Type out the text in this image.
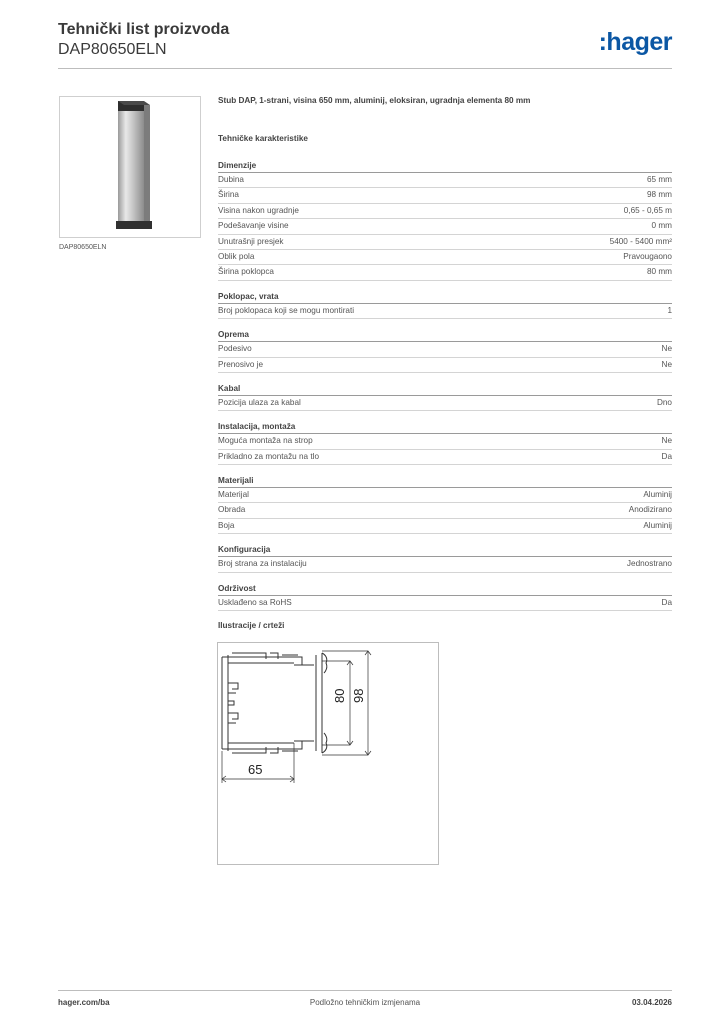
Tehnički list proizvoda
DAP80650ELN	:hager
DAP80650ELN
Stub DAP, 1-strani, visina 650 mm, aluminij, eloksiran, ugradnja elementa 80 mm
Tehničke karakteristike
Dimenzije
Dubina	65 mm
Širina	98 mm
Visina nakon ugradnje	0,65 - 0,65 m
Podešavanje visine	0 mm
Unutrašnji presjek	5400 - 5400 mm²
Oblik pola	Pravougaono
Širina poklopca	80 mm
Poklopac, vrata
Broj poklopaca koji se mogu montirati	1
Oprema
Podesivo	Ne
Prenosivo je	Ne
Kabal
Pozicija ulaza za kabal	Dno
Instalacija, montaža
Moguća montaža na strop	Ne
Prikladno za montažu na tlo	Da
Materijali
Materijal	Aluminij
Obrada	Anodizirano
Boja	Aluminij
Konfiguracija
Broj strana za instalaciju	Jednostrano
Održivost
Usklađeno sa RoHS	Da
Ilustracije / crteži
65
80 98
hager.com/ba	Podložno tehničkim izmjenama	03.04.2026
